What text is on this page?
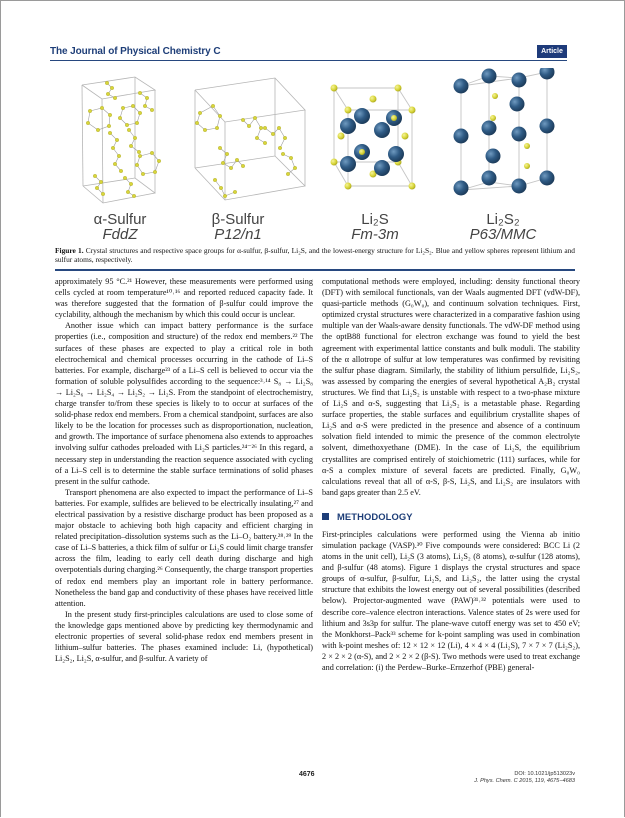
The Journal of Physical Chemistry C	Article
α-Sulfur
FddZ
β-Sulfur
P12/n1
Li₂S
Fm-3m
Li₂S₂
P63/MMC
Figure 1. Crystal structures and respective space groups for α-sulfur, β-sulfur, Li₂S, and the lowest-energy structure for Li₂S₂. Blue and yellow spheres represent lithium and sulfur atoms, respectively.

approximately 95 °C.²¹ However, these measurements were performed using cells cycled at room temperature¹⁰˒¹⁶ and reported reduced capacity fade. It was therefore suggested that the formation of β-sulfur could improve the cyclability, although the mechanism by which this could occur is unclear.

Another issue which can impact battery performance is the surface properties (i.e., composition and structure) of the redox end members.²² The surfaces of these phases are expected to play a critical role in both electrochemical and chemical processes occurring in the cathode of Li–S batteries. For example, discharge²³ of a Li–S cell is believed to occur via the formation of soluble polysulfides according to the sequence:³˒¹⁴ S₈ → Li₂S₈ → Li₂S₆ → Li₂S₄ → Li₂S₂ → Li₂S. From the standpoint of electrochemistry, charge transfer to/from these species is likely to to occur at surfaces of the solid-phase redox end members. From a chemical standpoint, surfaces are also likely to be the location for processes such as disproportionation, nucleation, and growth. The importance of surface phenomena also extends to approaches involving sulfur cathodes preloaded with Li₂S particles.²⁴⁻²⁶ In this regard, a necessary step in understanding the reaction sequence associated with cycling of a Li–S cell is to determine the stable surface terminations of solid phases present in the sulfur cathode.

Transport phenomena are also expected to impact the performance of Li–S batteries. For example, sulfides are believed to be electrically insulating,²⁷ and electrical passivation by a resistive discharge product has been proposed as a major obstacle to achieving both high capacity and efficient charging in related precipitation–dissolution systems such as the Li–O₂ battery.²⁸˒²⁹ In the case of Li–S batteries, a thick film of sulfur or Li₂S could limit charge transfer across the film, leading to early cell death during discharge and high overpotentials during charging.²⁶ Consequently, the charge transport properties of redox end members play an important role in battery performance. Nonetheless the band gap and conductivity of these phases have received little attention.

In the present study first-principles calculations are used to close some of the knowledge gaps mentioned above by predicting key thermodynamic and electronic properties of several solid-phase redox end members present in lithium–sulfur batteries. The phases examined include: Li, (hypothetical) Li₂S₂, Li₂S, α-sulfur, and β-sulfur. A variety of

computational methods were employed, including: density functional theory (DFT) with semilocal functionals, van der Waals augmented DFT (vdW-DF), quasi-particle methods (G₀W₀), and continuum solvation techniques. First, optimized crystal structures were characterized in a comparative fashion using multiple van der Waals-aware density functionals. The vdW-DF method using the optB88 functional for electron exchange was found to yield the best agreement with experimental lattice constants and bulk moduli. The stability of the α allotrope of sulfur at low temperatures was confirmed by revisiting the sulfur phase diagram. Similarly, the stability of lithium persulfide, Li₂S₂, was assessed by comparing the energies of several hypothetical A₂B₂ crystal structures. We find that Li₂S₂ is unstable with respect to a two-phase mixture of Li₂S and α-S, suggesting that Li₂S₂ is a metastable phase. Regarding surface properties, the stable surfaces and equilibrium crystallite shapes of Li₂S and α-S were predicted in the presence and absence of a continuum solvation field intended to mimic the presence of the common electrolyte solvent, dimethoxyethane (DME). In the case of Li₂S, the equilibrium crystallites are comprised entirely of stoichiometric (111) surfaces, while for α-S a complex mixture of several facets are predicted. Finally, G₀W₀ calculations reveal that all of α-S, β-S, Li₂S, and Li₂S₂ are insulators with band gaps greater than 2.5 eV.

METHODOLOGY

First-principles calculations were performed using the Vienna ab initio simulation package (VASP).³⁰ Five compounds were considered: BCC Li (2 atoms in the unit cell), Li₂S (3 atoms), Li₂S₂ (8 atoms), α-sulfur (128 atoms), and β-sulfur (48 atoms). Figure 1 displays the crystal structures and space groups of α-sulfur, β-sulfur, Li₂S, and Li₂S₂, the latter using the crystal structure that exhibits the lowest energy out of several possibilities (described below). Projector-augmented wave (PAW)³¹˒³² potentials were used to describe core–valence electron interactions. Valence states of 2s were used for lithium and 3s3p for sulfur. The plane-wave cutoff energy was set to 450 eV; the Monkhorst–Pack³³ scheme for k-point sampling was used in combination with k-point meshes of: 12 × 12 × 12 (Li), 4 × 4 × 4 (Li₂S), 7 × 7 × 7 (Li₂S₂), 2 × 2 × 2 (α-S), and 2 × 2 × 2 (β-S). Two methods were used to treat exchange and correlation: (i) the Perdew–Burke–Ernzerhof (PBE) general-

4676	DOI: 10.1021/jp513023v
J. Phys. Chem. C 2015, 119, 4675−4683
